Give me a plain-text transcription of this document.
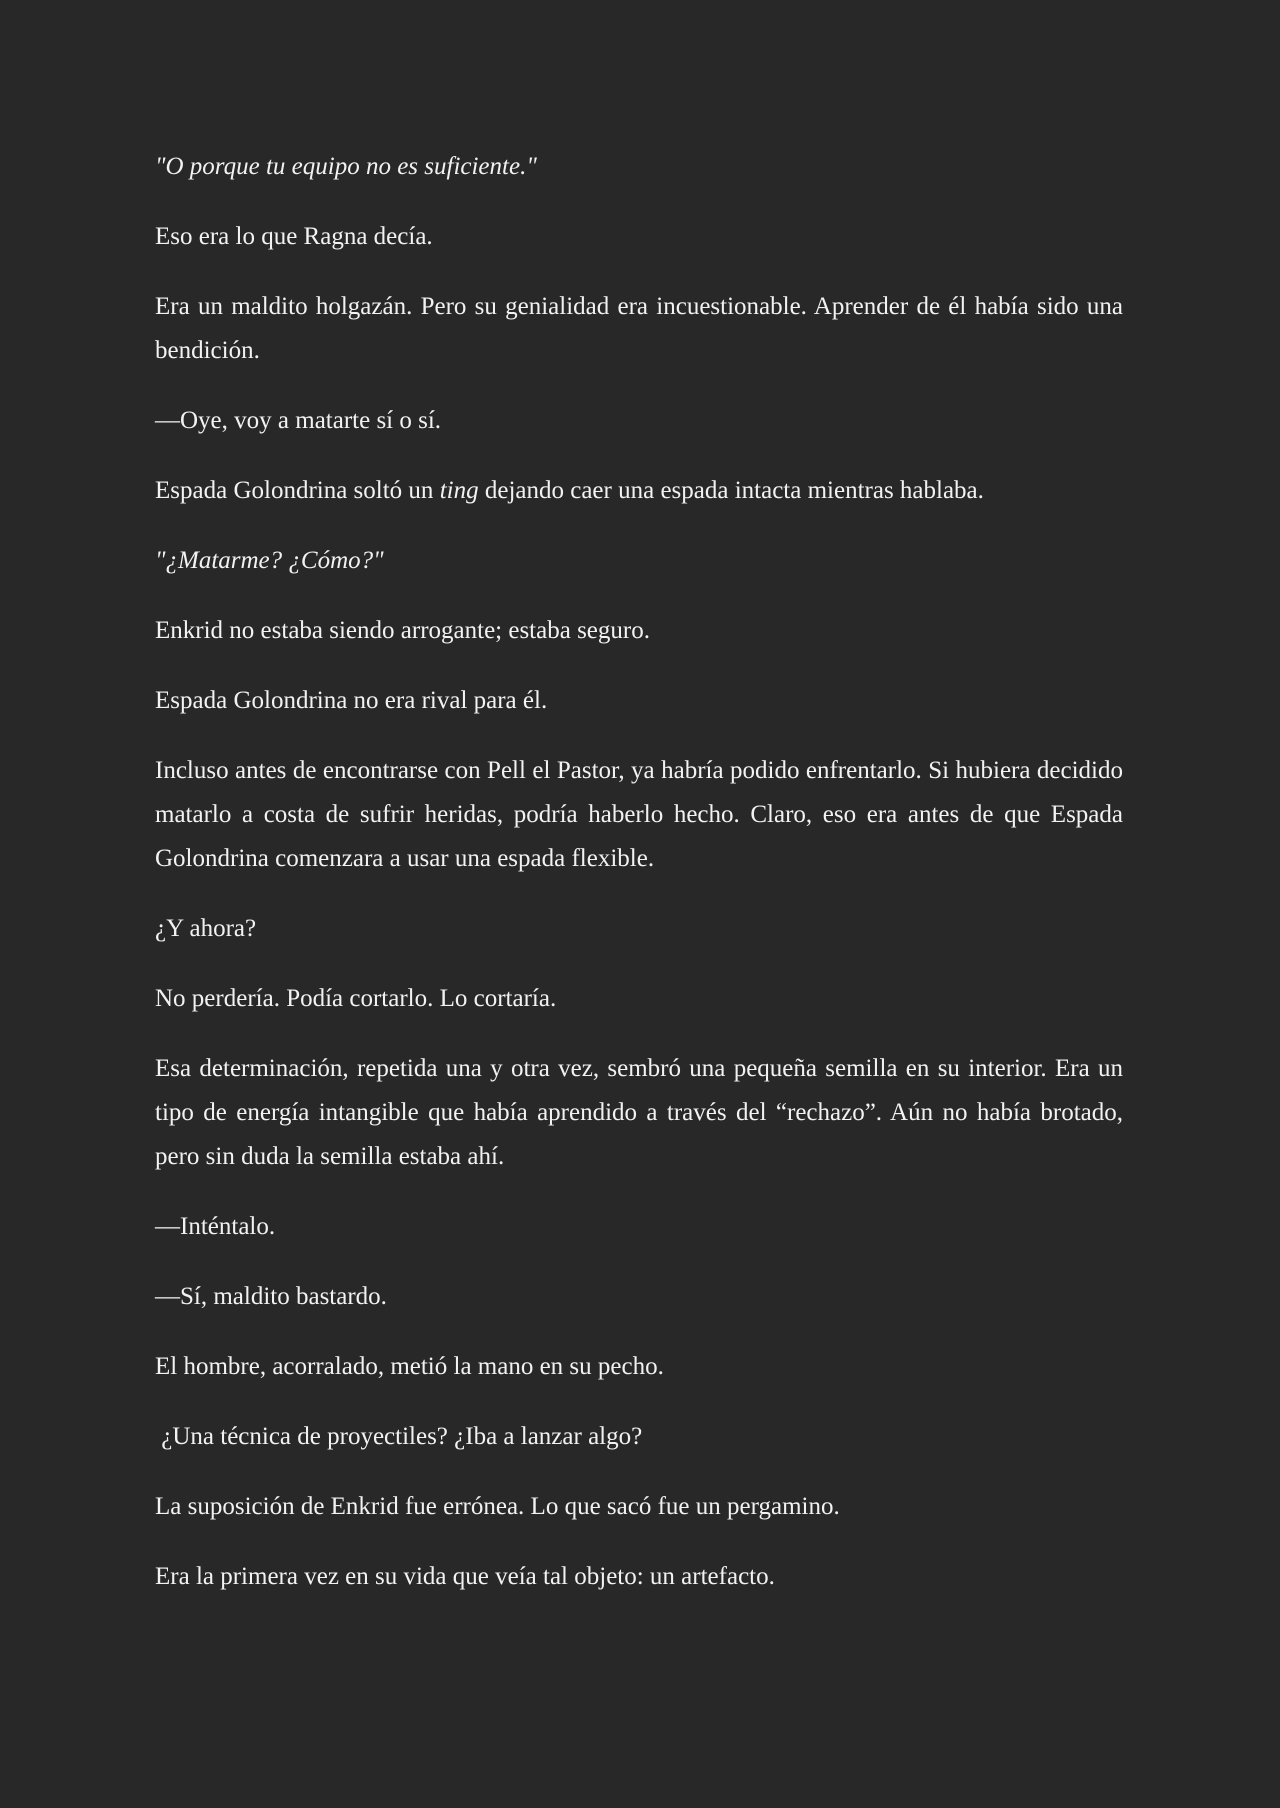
"O porque tu equipo no es suficiente."

Eso era lo que Ragna decía.

Era un maldito holgazán. Pero su genialidad era incuestionable. Aprender de él había sido una bendición.

—Oye, voy a matarte sí o sí.

Espada Golondrina soltó un ting dejando caer una espada intacta mientras hablaba.

"¿Matarme? ¿Cómo?"

Enkrid no estaba siendo arrogante; estaba seguro.

Espada Golondrina no era rival para él.

Incluso antes de encontrarse con Pell el Pastor, ya habría podido enfrentarlo. Si hubiera decidido matarlo a costa de sufrir heridas, podría haberlo hecho. Claro, eso era antes de que Espada Golondrina comenzara a usar una espada flexible.

¿Y ahora?

No perdería. Podía cortarlo. Lo cortaría.

Esa determinación, repetida una y otra vez, sembró una pequeña semilla en su interior. Era un tipo de energía intangible que había aprendido a través del “rechazo”. Aún no había brotado, pero sin duda la semilla estaba ahí.

—Inténtalo.

—Sí, maldito bastardo.

El hombre, acorralado, metió la mano en su pecho.

¿Una técnica de proyectiles? ¿Iba a lanzar algo?

La suposición de Enkrid fue errónea. Lo que sacó fue un pergamino.

Era la primera vez en su vida que veía tal objeto: un artefacto.
